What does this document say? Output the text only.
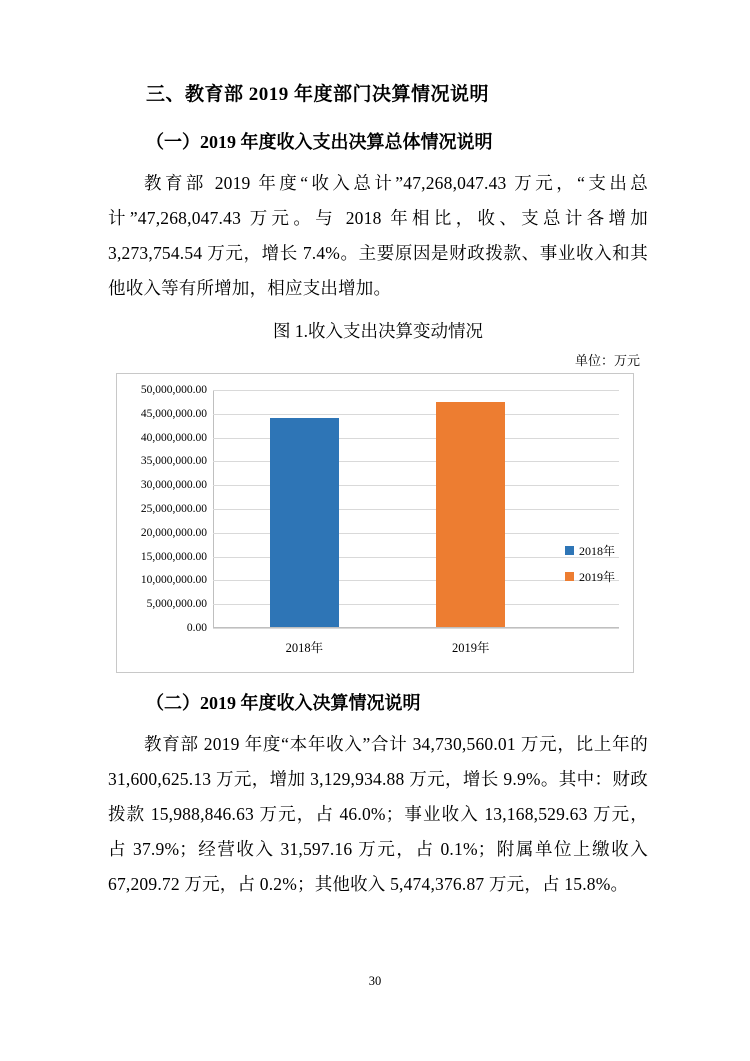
三、教育部 2019 年度部门决算情况说明
（一）2019 年度收入支出决算总体情况说明

教育部 2019 年度“收入总计”47,268,047.43 万元，“支出总计”47,268,047.43 万元。与 2018 年相比，收、支总计各增加 3,273,754.54 万元，增长 7.4%。主要原因是财政拨款、事业收入和其他收入等有所增加，相应支出增加。

图 1.收入支出决算变动情况
单位：万元
50,000,000.00
45,000,000.00
40,000,000.00
35,000,000.00
30,000,000.00
25,000,000.00
20,000,000.00
15,000,000.00
10,000,000.00
5,000,000.00
0.00
2018年	2019年
2018年
2019年
（二）2019 年度收入决算情况说明

教育部 2019 年度“本年收入”合计 34,730,560.01 万元，比上年的 31,600,625.13 万元，增加 3,129,934.88 万元，增长 9.9%。其中：财政拨款 15,988,846.63 万元，占 46.0%；事业收入 13,168,529.63 万元，占 37.9%；经营收入 31,597.16 万元，占 0.1%；附属单位上缴收入 67,209.72 万元，占 0.2%；其他收入 5,474,376.87 万元，占 15.8%。

30
